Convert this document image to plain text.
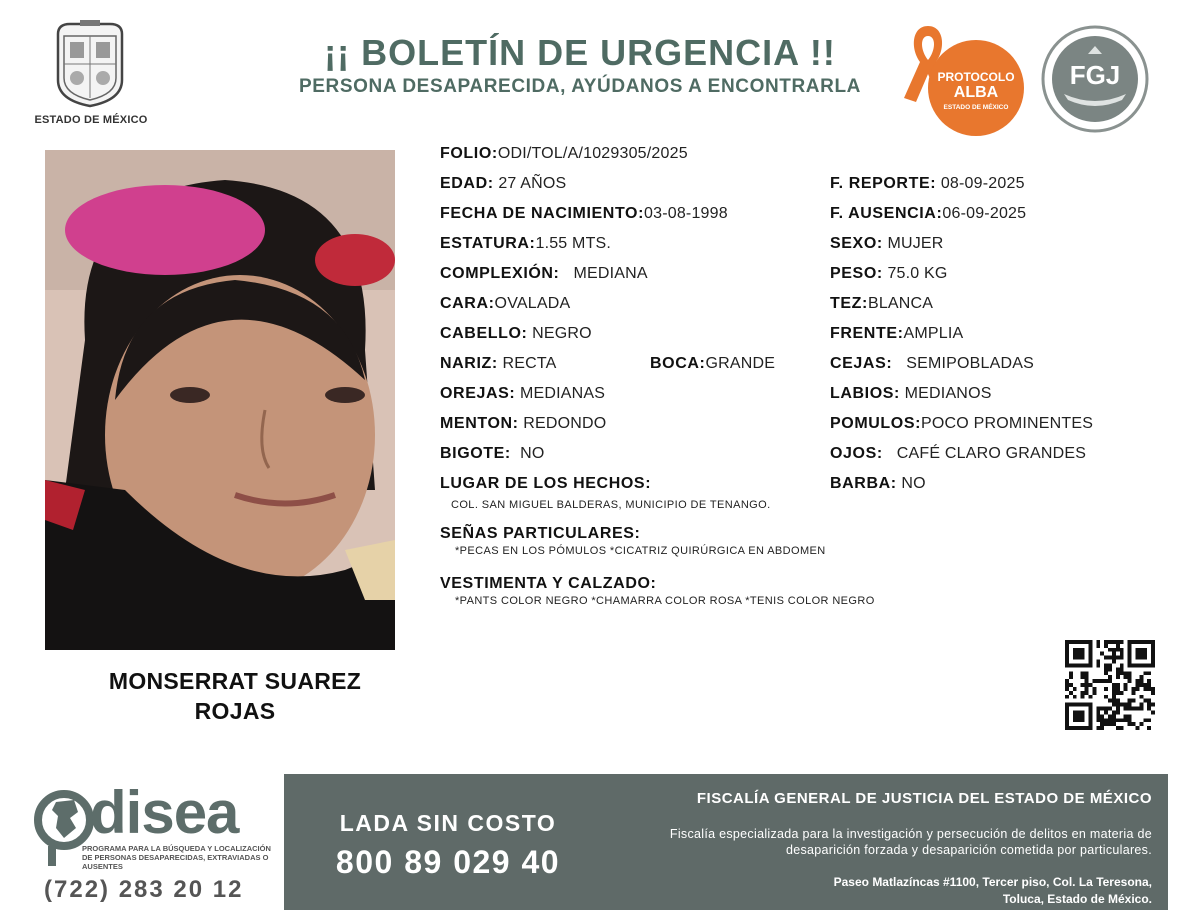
ESTADO DE MÉXICO
¡¡ BOLETÍN DE URGENCIA !!
PERSONA DESAPARECIDA, AYÚDANOS A ENCONTRARLA	PROTOCOLO
ALBA
ESTADO DE MÉXICO
FGJ
MONSERRAT SUAREZ
ROJAS
FOLIO:ODI/TOL/A/1029305/2025
EDAD: 27 AÑOS	F. REPORTE: 08-09-2025
FECHA DE NACIMIENTO:03-08-1998	F. AUSENCIA:06-09-2025
ESTATURA:1.55 MTS.	SEXO: MUJER
COMPLEXIÓN: MEDIANA	PESO: 75.0 KG
CARA:OVALADA	TEZ:BLANCA
CABELLO: NEGRO	FRENTE:AMPLIA
NARIZ: RECTA	BOCA:GRANDE	CEJAS: SEMIPOBLADAS
OREJAS: MEDIANAS	LABIOS: MEDIANOS
MENTON: REDONDO	POMULOS:POCO PROMINENTES
BIGOTE: NO	OJOS: CAFÉ CLARO GRANDES
LUGAR DE LOS HECHOS:
COL. SAN MIGUEL BALDERAS, MUNICIPIO DE TENANGO.
BARBA: NO
SEÑAS PARTICULARES:
*PECAS EN LOS PÓMULOS *CICATRIZ QUIRÚRGICA EN ABDOMEN
VESTIMENTA Y CALZADO:
*PANTS COLOR NEGRO *CHAMARRA COLOR ROSA *TENIS COLOR NEGRO
disea
PROGRAMA PARA LA BÚSQUEDA Y LOCALIZACIÓN DE PERSONAS DESAPARECIDAS, EXTRAVIADAS O AUSENTES
(722) 283 20 12
LADA SIN COSTO
800 89 029 40
FISCALÍA GENERAL DE JUSTICIA DEL ESTADO DE MÉXICO
Fiscalía especializada para la investigación y persecución de delitos en materia de desaparición forzada y desaparición cometida por particulares.
Paseo Matlazíncas #1100, Tercer piso, Col. La Teresona,
Toluca, Estado de México.
